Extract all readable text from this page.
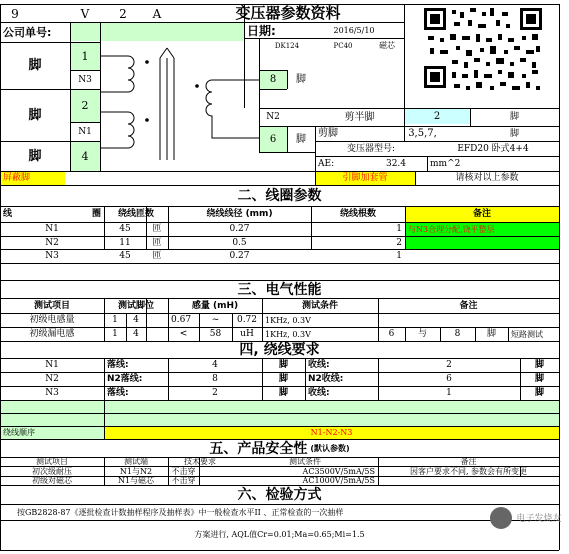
9	V	2	A	变压器参数资料
公司单号:	日期:	2016/5/10
DK124	PC40	磁芯
脚
1
N3
脚
2
N1
脚	4
屏蔽脚
8	脚
N2
6	脚
剪半脚	2	脚
剪脚	3,5,7,	脚
变压器型号:	EFD20 卧式4+4
AE:	32.4	mm^2
引脚加套管	请核对以上参数
二、线圈参数
线	圈	绕线匝数	绕线线径 (mm)	绕线根数	备注
N1	45	匝	0.27	1 与N3合理分配,饶平整层
N2	11	匝	0.5	2
N3	45	匝	0.27	1
三、电气性能
测试项目	测试脚位	感量 (mH)	测试条件	备注
初级电感量	1	4	0.67	~	0.72 1KHz, 0.3V
初级漏电感	1	4	<	58	uH	1KHz, 0.3V	6	与	8	脚	短路测试
四, 绕线要求
N1	落线:	4	脚	收线:	2	脚
N2	N2落线:	8	脚	N2收线:	6	脚
N3	落线:	2	脚	收线:	1	脚
绕线顺序	N1-N2-N3
五、产品安全性 (默认参数)
测试项目	测试端	技术要求	测试条件	备注
初次级耐压	N1与N2	不击穿	AC3500V/5mA/5S	因客户要求不同, 参数会有所变更
初级对磁芯	N1与磁芯	不击穿	AC1000V/5mA/5S
六、检验方式
按GB2828-87《逐批检查计数抽样程序及抽样表》中一般检查水平II 、正常检查的一次抽样
方案进行, AQL值Cr=0.01;Ma=0.65;Mi=1.5
电子发烧友
